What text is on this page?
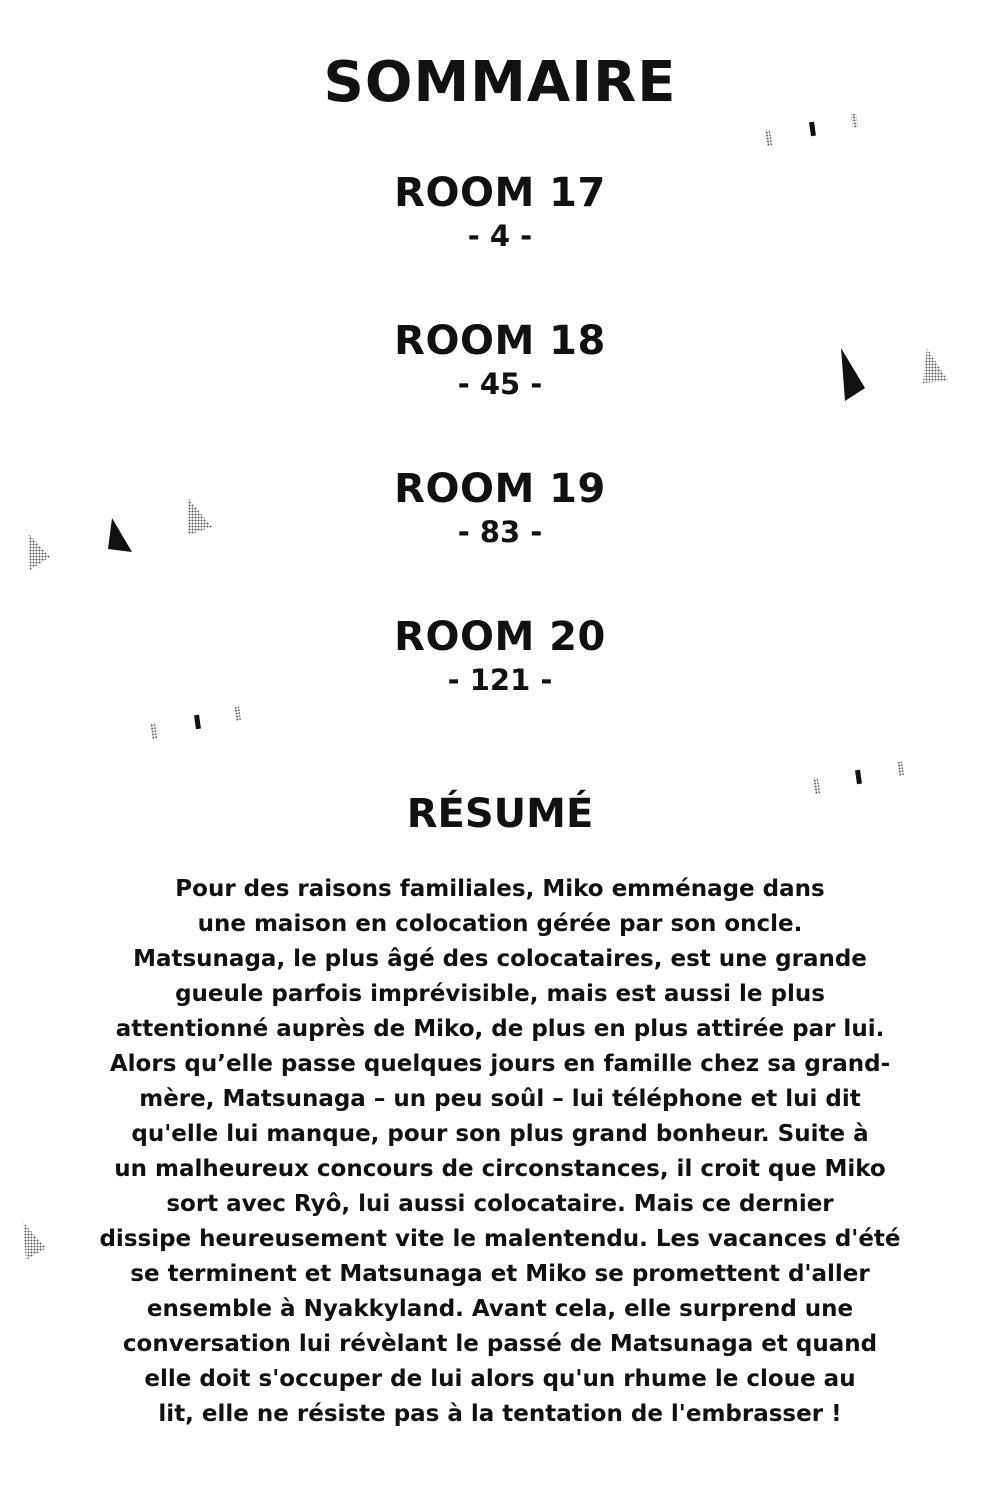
SOMMAIRE
ROOM 17
- 4 -
ROOM 18
- 45 -
ROOM 19
- 83 -
ROOM 20
- 121 -
RÉSUMÉ
Pour des raisons familiales, Miko emménage dans
une maison en colocation gérée par son oncle.
Matsunaga, le plus âgé des colocataires, est une grande
gueule parfois imprévisible, mais est aussi le plus
attentionné auprès de Miko, de plus en plus attirée par lui.
Alors qu’elle passe quelques jours en famille chez sa grand-
mère, Matsunaga – un peu soûl – lui téléphone et lui dit
qu'elle lui manque, pour son plus grand bonheur. Suite à
un malheureux concours de circonstances, il croit que Miko
sort avec Ryô, lui aussi colocataire. Mais ce dernier
dissipe heureusement vite le malentendu. Les vacances d'été
se terminent et Matsunaga et Miko se promettent d'aller
ensemble à Nyakkyland. Avant cela, elle surprend une
conversation lui révèlant le passé de Matsunaga et quand
elle doit s'occuper de lui alors qu'un rhume le cloue au
lit, elle ne résiste pas à la tentation de l'embrasser !
